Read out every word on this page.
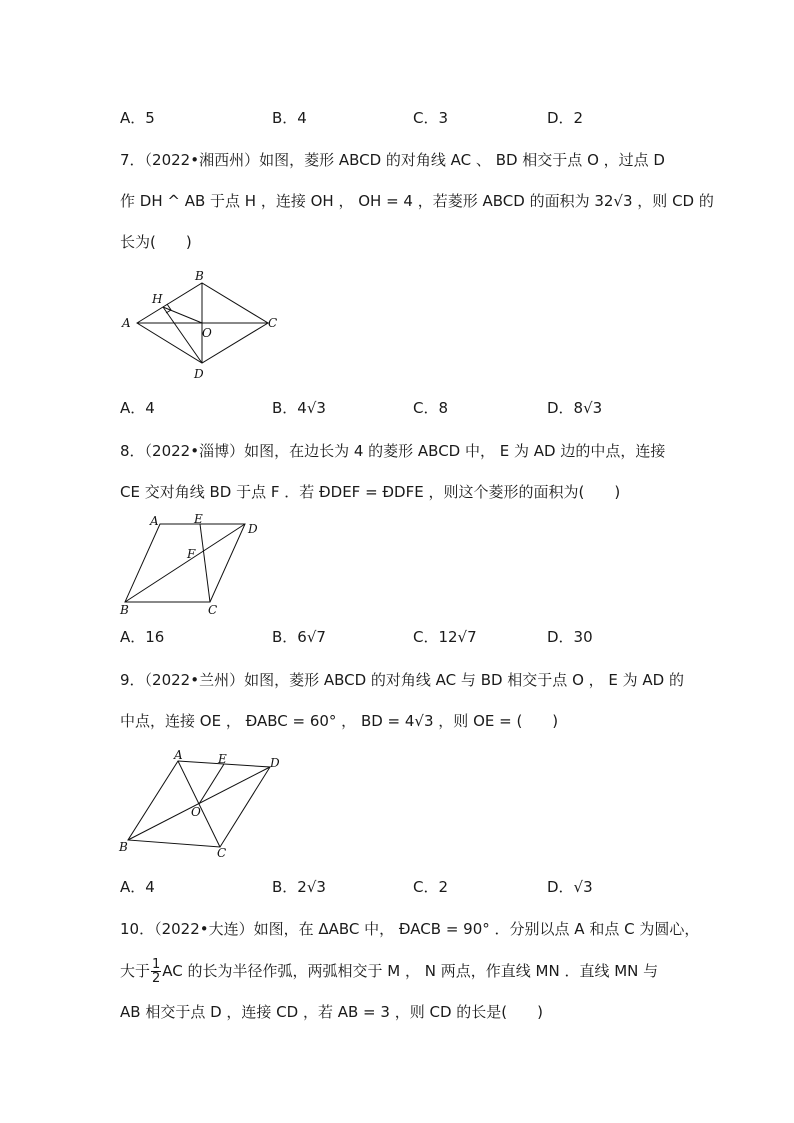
A．5	B．4	C．3	D．2
7．（2022•湘西州）如图，菱形 ABCD 的对角线 AC 、 BD 相交于点 O ，过点 D
作 DH ^ AB 于点 H ，连接 OH ， OH = 4 ，若菱形 ABCD 的面积为 32√3 ，则 CD 的
长为(　　)
H
B
A
O
C
D
A．4	B．4√3	C．8	D．8√3
8．（2022•淄博）如图，在边长为 4 的菱形 ABCD 中， E 为 AD 边的中点，连接
CE 交对角线 BD 于点 F ．若 ÐDEF = ÐDFE ，则这个菱形的面积为(　　)
A	E
D
F
B	C
A．16	B．6√7	C．12√7	D．30
9．（2022•兰州）如图，菱形 ABCD 的对角线 AC 与 BD 相交于点 O ， E 为 AD 的
中点，连接 OE ， ÐABC = 60° ， BD = 4√3 ，则 OE = (　　)
A	E	D
O
B	C
A．4	B．2√3	C．2	D．√3
10．（2022•大连）如图，在 ΔABC 中， ÐACB = 90° ．分别以点 A 和点 C 为圆心，
大于 $\frac{1}{2}$ AC 的长为半径作弧，两弧相交于 M ， N 两点，作直线 MN ．直线 MN 与
AB 相交于点 D ，连接 CD ，若 AB = 3 ，则 CD 的长是(　　)
